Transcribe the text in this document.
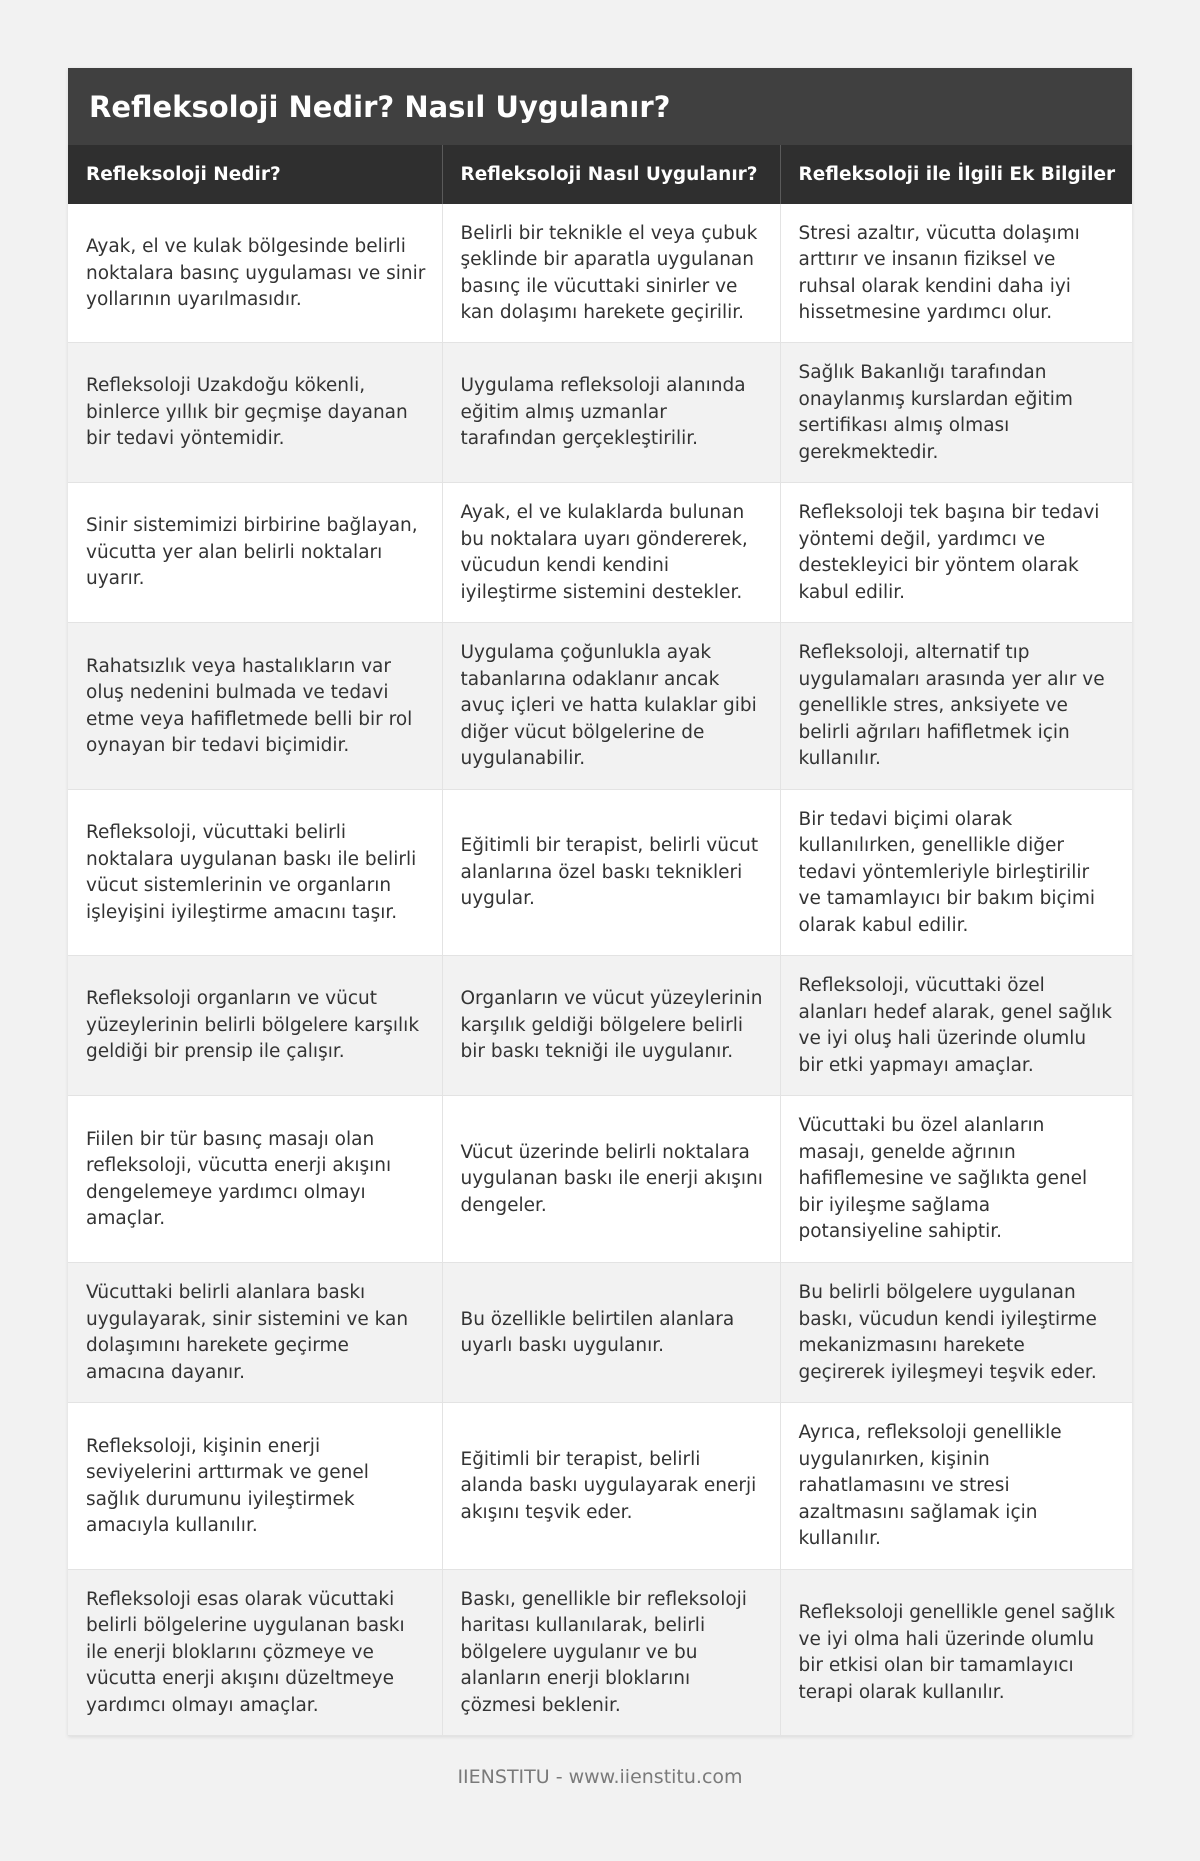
Refleksoloji Nedir? Nasıl Uygulanır?
Refleksoloji Nedir?	Refleksoloji Nasıl Uygulanır?	Refleksoloji ile İlgili Ek Bilgiler
Ayak, el ve kulak bölgesinde belirli noktalara basınç uygulaması ve sinir yollarının uyarılmasıdır.	Belirli bir teknikle el veya çubuk şeklinde bir aparatla uygulanan basınç ile vücuttaki sinirler ve kan dolaşımı harekete geçirilir.	Stresi azaltır, vücutta dolaşımı arttırır ve insanın fiziksel ve ruhsal olarak kendini daha iyi hissetmesine yardımcı olur.
Refleksoloji Uzakdoğu kökenli, binlerce yıllık bir geçmişe dayanan bir tedavi yöntemidir.	Uygulama refleksoloji alanında eğitim almış uzmanlar tarafından gerçekleştirilir.	Sağlık Bakanlığı tarafından onaylanmış kurslardan eğitim sertifikası almış olması gerekmektedir.
Sinir sistemimizi birbirine bağlayan, vücutta yer alan belirli noktaları uyarır.	Ayak, el ve kulaklarda bulunan bu noktalara uyarı göndererek, vücudun kendi kendini iyileştirme sistemini destekler.	Refleksoloji tek başına bir tedavi yöntemi değil, yardımcı ve destekleyici bir yöntem olarak kabul edilir.
Rahatsızlık veya hastalıkların var oluş nedenini bulmada ve tedavi etme veya hafifletmede belli bir rol oynayan bir tedavi biçimidir.	Uygulama çoğunlukla ayak tabanlarına odaklanır ancak avuç içleri ve hatta kulaklar gibi diğer vücut bölgelerine de uygulanabilir.	Refleksoloji, alternatif tıp uygulamaları arasında yer alır ve genellikle stres, anksiyete ve belirli ağrıları hafifletmek için kullanılır.
Refleksoloji, vücuttaki belirli noktalara uygulanan baskı ile belirli vücut sistemlerinin ve organların işleyişini iyileştirme amacını taşır.	Eğitimli bir terapist, belirli vücut alanlarına özel baskı teknikleri uygular.	Bir tedavi biçimi olarak kullanılırken, genellikle diğer tedavi yöntemleriyle birleştirilir ve tamamlayıcı bir bakım biçimi olarak kabul edilir.
Refleksoloji organların ve vücut yüzeylerinin belirli bölgelere karşılık geldiği bir prensip ile çalışır.	Organların ve vücut yüzeylerinin karşılık geldiği bölgelere belirli bir baskı tekniği ile uygulanır.	Refleksoloji, vücuttaki özel alanları hedef alarak, genel sağlık ve iyi oluş hali üzerinde olumlu bir etki yapmayı amaçlar.
Fiilen bir tür basınç masajı olan refleksoloji, vücutta enerji akışını dengelemeye yardımcı olmayı amaçlar.	Vücut üzerinde belirli noktalara uygulanan baskı ile enerji akışını dengeler.	Vücuttaki bu özel alanların masajı, genelde ağrının hafiflemesine ve sağlıkta genel bir iyileşme sağlama potansiyeline sahiptir.
Vücuttaki belirli alanlara baskı uygulayarak, sinir sistemini ve kan dolaşımını harekete geçirme amacına dayanır.	Bu özellikle belirtilen alanlara uyarlı baskı uygulanır.	Bu belirli bölgelere uygulanan baskı, vücudun kendi iyileştirme mekanizmasını harekete geçirerek iyileşmeyi teşvik eder.
Refleksoloji, kişinin enerji seviyelerini arttırmak ve genel sağlık durumunu iyileştirmek amacıyla kullanılır.	Eğitimli bir terapist, belirli alanda baskı uygulayarak enerji akışını teşvik eder.	Ayrıca, refleksoloji genellikle uygulanırken, kişinin rahatlamasını ve stresi azaltmasını sağlamak için kullanılır.
Refleksoloji esas olarak vücuttaki belirli bölgelerine uygulanan baskı ile enerji bloklarını çözmeye ve vücutta enerji akışını düzeltmeye yardımcı olmayı amaçlar.	Baskı, genellikle bir refleksoloji haritası kullanılarak, belirli bölgelere uygulanır ve bu alanların enerji bloklarını çözmesi beklenir.	Refleksoloji genellikle genel sağlık ve iyi olma hali üzerinde olumlu bir etkisi olan bir tamamlayıcı terapi olarak kullanılır.
IIENSTITU - www.iienstitu.com
